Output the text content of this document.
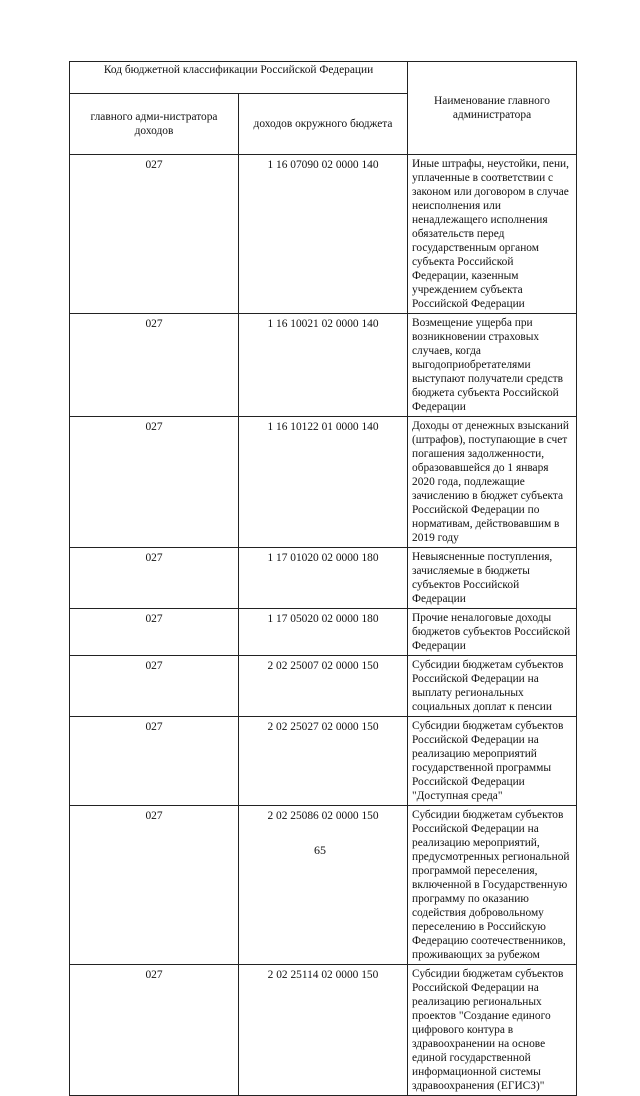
Код бюджетной классификации Российской Федерации		Наименование главного администратора
главного адми-нистратора доходов	доходов окружного бюджета	
027	1 16 07090 02 0000 140	Иные штрафы, неустойки, пени, уплаченные в соответствии с законом или договором в случае неисполнения или ненадлежащего исполнения обязательств перед государственным органом субъекта Российской Федерации, казенным учреждением субъекта Российской Федерации
027	1 16 10021 02 0000 140	Возмещение ущерба при возникновении страховых случаев, когда выгодоприобретателями выступают получатели средств бюджета субъекта Российской Федерации
027	1 16 10122 01 0000 140	Доходы от денежных взысканий (штрафов), поступающие в счет погашения задолженности, образовавшейся до 1 января 2020 года, подлежащие зачислению в бюджет субъекта Российской Федерации по нормативам, действовавшим в 2019 году
027	1 17 01020 02 0000 180	Невыясненные поступления, зачисляемые в бюджеты субъектов Российской Федерации
027	1 17 05020 02 0000 180	Прочие неналоговые доходы бюджетов субъектов Российской Федерации
027	2 02 25007 02 0000 150	Субсидии бюджетам субъектов Российской Федерации на выплату региональных социальных доплат к пенсии
027	2 02 25027 02 0000 150	Субсидии бюджетам субъектов Российской Федерации на реализацию мероприятий государственной программы Российской Федерации "Доступная среда"
027	2 02 25086 02 0000 150	Субсидии бюджетам субъектов Российской Федерации на реализацию мероприятий, предусмотренных региональной программой переселения, включенной в Государственную программу по оказанию содействия добровольному переселению в Российскую Федерацию соотечественников, проживающих за рубежом
027	2 02 25114 02 0000 150	Субсидии бюджетам субъектов Российской Федерации на реализацию региональных проектов "Создание единого цифрового контура в здравоохранении на основе единой государственной информационной системы здравоохранения (ЕГИСЗ)"
65
